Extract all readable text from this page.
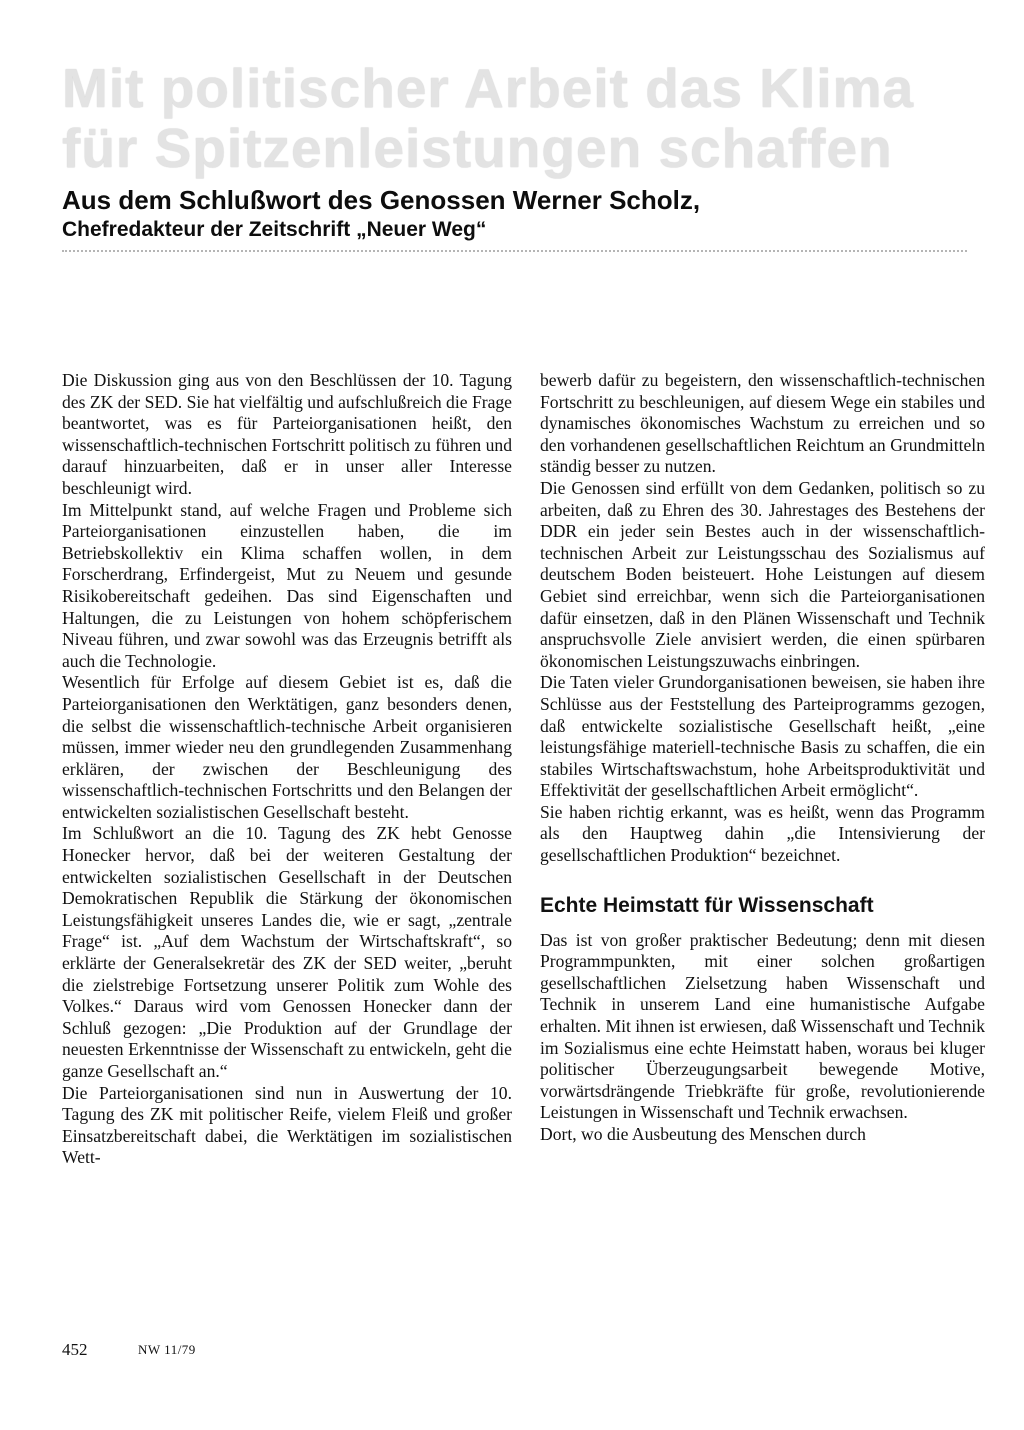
Mit politischer Arbeit das Klima
für Spitzenleistungen schaffen
Aus dem Schlußwort des Genossen Werner Scholz,
Chefredakteur der Zeitschrift „Neuer Weg“

Die Diskussion ging aus von den Beschlüssen der 10. Tagung des ZK der SED. Sie hat vielfältig und aufschlußreich die Frage beantwortet, was es für Parteiorganisationen heißt, den wissenschaftlich-technischen Fortschritt politisch zu führen und darauf hinzuarbeiten, daß er in unser aller Interesse beschleunigt wird.

Im Mittelpunkt stand, auf welche Fragen und Probleme sich Parteiorganisationen einzustellen haben, die im Betriebskollektiv ein Klima schaffen wollen, in dem Forscherdrang, Erfindergeist, Mut zu Neuem und gesunde Risikobereitschaft gedeihen. Das sind Eigenschaften und Haltungen, die zu Leistungen von hohem schöpferischem Niveau führen, und zwar sowohl was das Erzeugnis betrifft als auch die Technologie.

Wesentlich für Erfolge auf diesem Gebiet ist es, daß die Parteiorganisationen den Werktätigen, ganz besonders denen, die selbst die wissenschaftlich-technische Arbeit organisieren müssen, immer wieder neu den grundlegenden Zusammenhang erklären, der zwischen der Beschleunigung des wissenschaftlich-technischen Fortschritts und den Belangen der entwickelten sozialistischen Gesellschaft besteht.

Im Schlußwort an die 10. Tagung des ZK hebt Genosse Honecker hervor, daß bei der weiteren Gestaltung der entwickelten sozialistischen Gesellschaft in der Deutschen Demokratischen Republik die Stärkung der ökonomischen Leistungsfähigkeit unseres Landes die, wie er sagt, „zentrale Frage“ ist. „Auf dem Wachstum der Wirtschaftskraft“, so erklärte der Generalsekretär des ZK der SED weiter, „beruht die zielstrebige Fortsetzung unserer Politik zum Wohle des Volkes.“ Daraus wird vom Genossen Honecker dann der Schluß gezogen: „Die Produktion auf der Grundlage der neuesten Erkenntnisse der Wissenschaft zu entwickeln, geht die ganze Gesellschaft an.“

Die Parteiorganisationen sind nun in Auswertung der 10. Tagung des ZK mit politischer Reife, vielem Fleiß und großer Einsatzbereitschaft dabei, die Werktätigen im sozialistischen Wett-

bewerb dafür zu begeistern, den wissenschaftlich-technischen Fortschritt zu beschleunigen, auf diesem Wege ein stabiles und dynamisches ökonomisches Wachstum zu erreichen und so den vorhandenen gesellschaftlichen Reichtum an Grundmitteln ständig besser zu nutzen.

Die Genossen sind erfüllt von dem Gedanken, politisch so zu arbeiten, daß zu Ehren des 30. Jahrestages des Bestehens der DDR ein jeder sein Bestes auch in der wissenschaftlich-technischen Arbeit zur Leistungsschau des Sozialismus auf deutschem Boden beisteuert. Hohe Leistungen auf diesem Gebiet sind erreichbar, wenn sich die Parteiorganisationen dafür einsetzen, daß in den Plänen Wissenschaft und Technik anspruchsvolle Ziele anvisiert werden, die einen spürbaren ökonomischen Leistungszuwachs einbringen.

Die Taten vieler Grundorganisationen beweisen, sie haben ihre Schlüsse aus der Feststellung des Parteiprogramms gezogen, daß entwickelte sozialistische Gesellschaft heißt, „eine leistungsfähige materiell-technische Basis zu schaffen, die ein stabiles Wirtschaftswachstum, hohe Arbeitsproduktivität und Effektivität der gesellschaftlichen Arbeit ermöglicht“.

Sie haben richtig erkannt, was es heißt, wenn das Programm als den Hauptweg dahin „die Intensivierung der gesellschaftlichen Produktion“ bezeichnet.

Echte Heimstatt für Wissenschaft

Das ist von großer praktischer Bedeutung; denn mit diesen Programmpunkten, mit einer solchen großartigen gesellschaftlichen Zielsetzung haben Wissenschaft und Technik in unserem Land eine humanistische Aufgabe erhalten. Mit ihnen ist erwiesen, daß Wissenschaft und Technik im Sozialismus eine echte Heimstatt haben, woraus bei kluger politischer Überzeugungsarbeit bewegende Motive, vorwärtsdrängende Triebkräfte für große, revolutionierende Leistungen in Wissenschaft und Technik erwachsen.

Dort, wo die Ausbeutung des Menschen durch

452	NW 11/79
